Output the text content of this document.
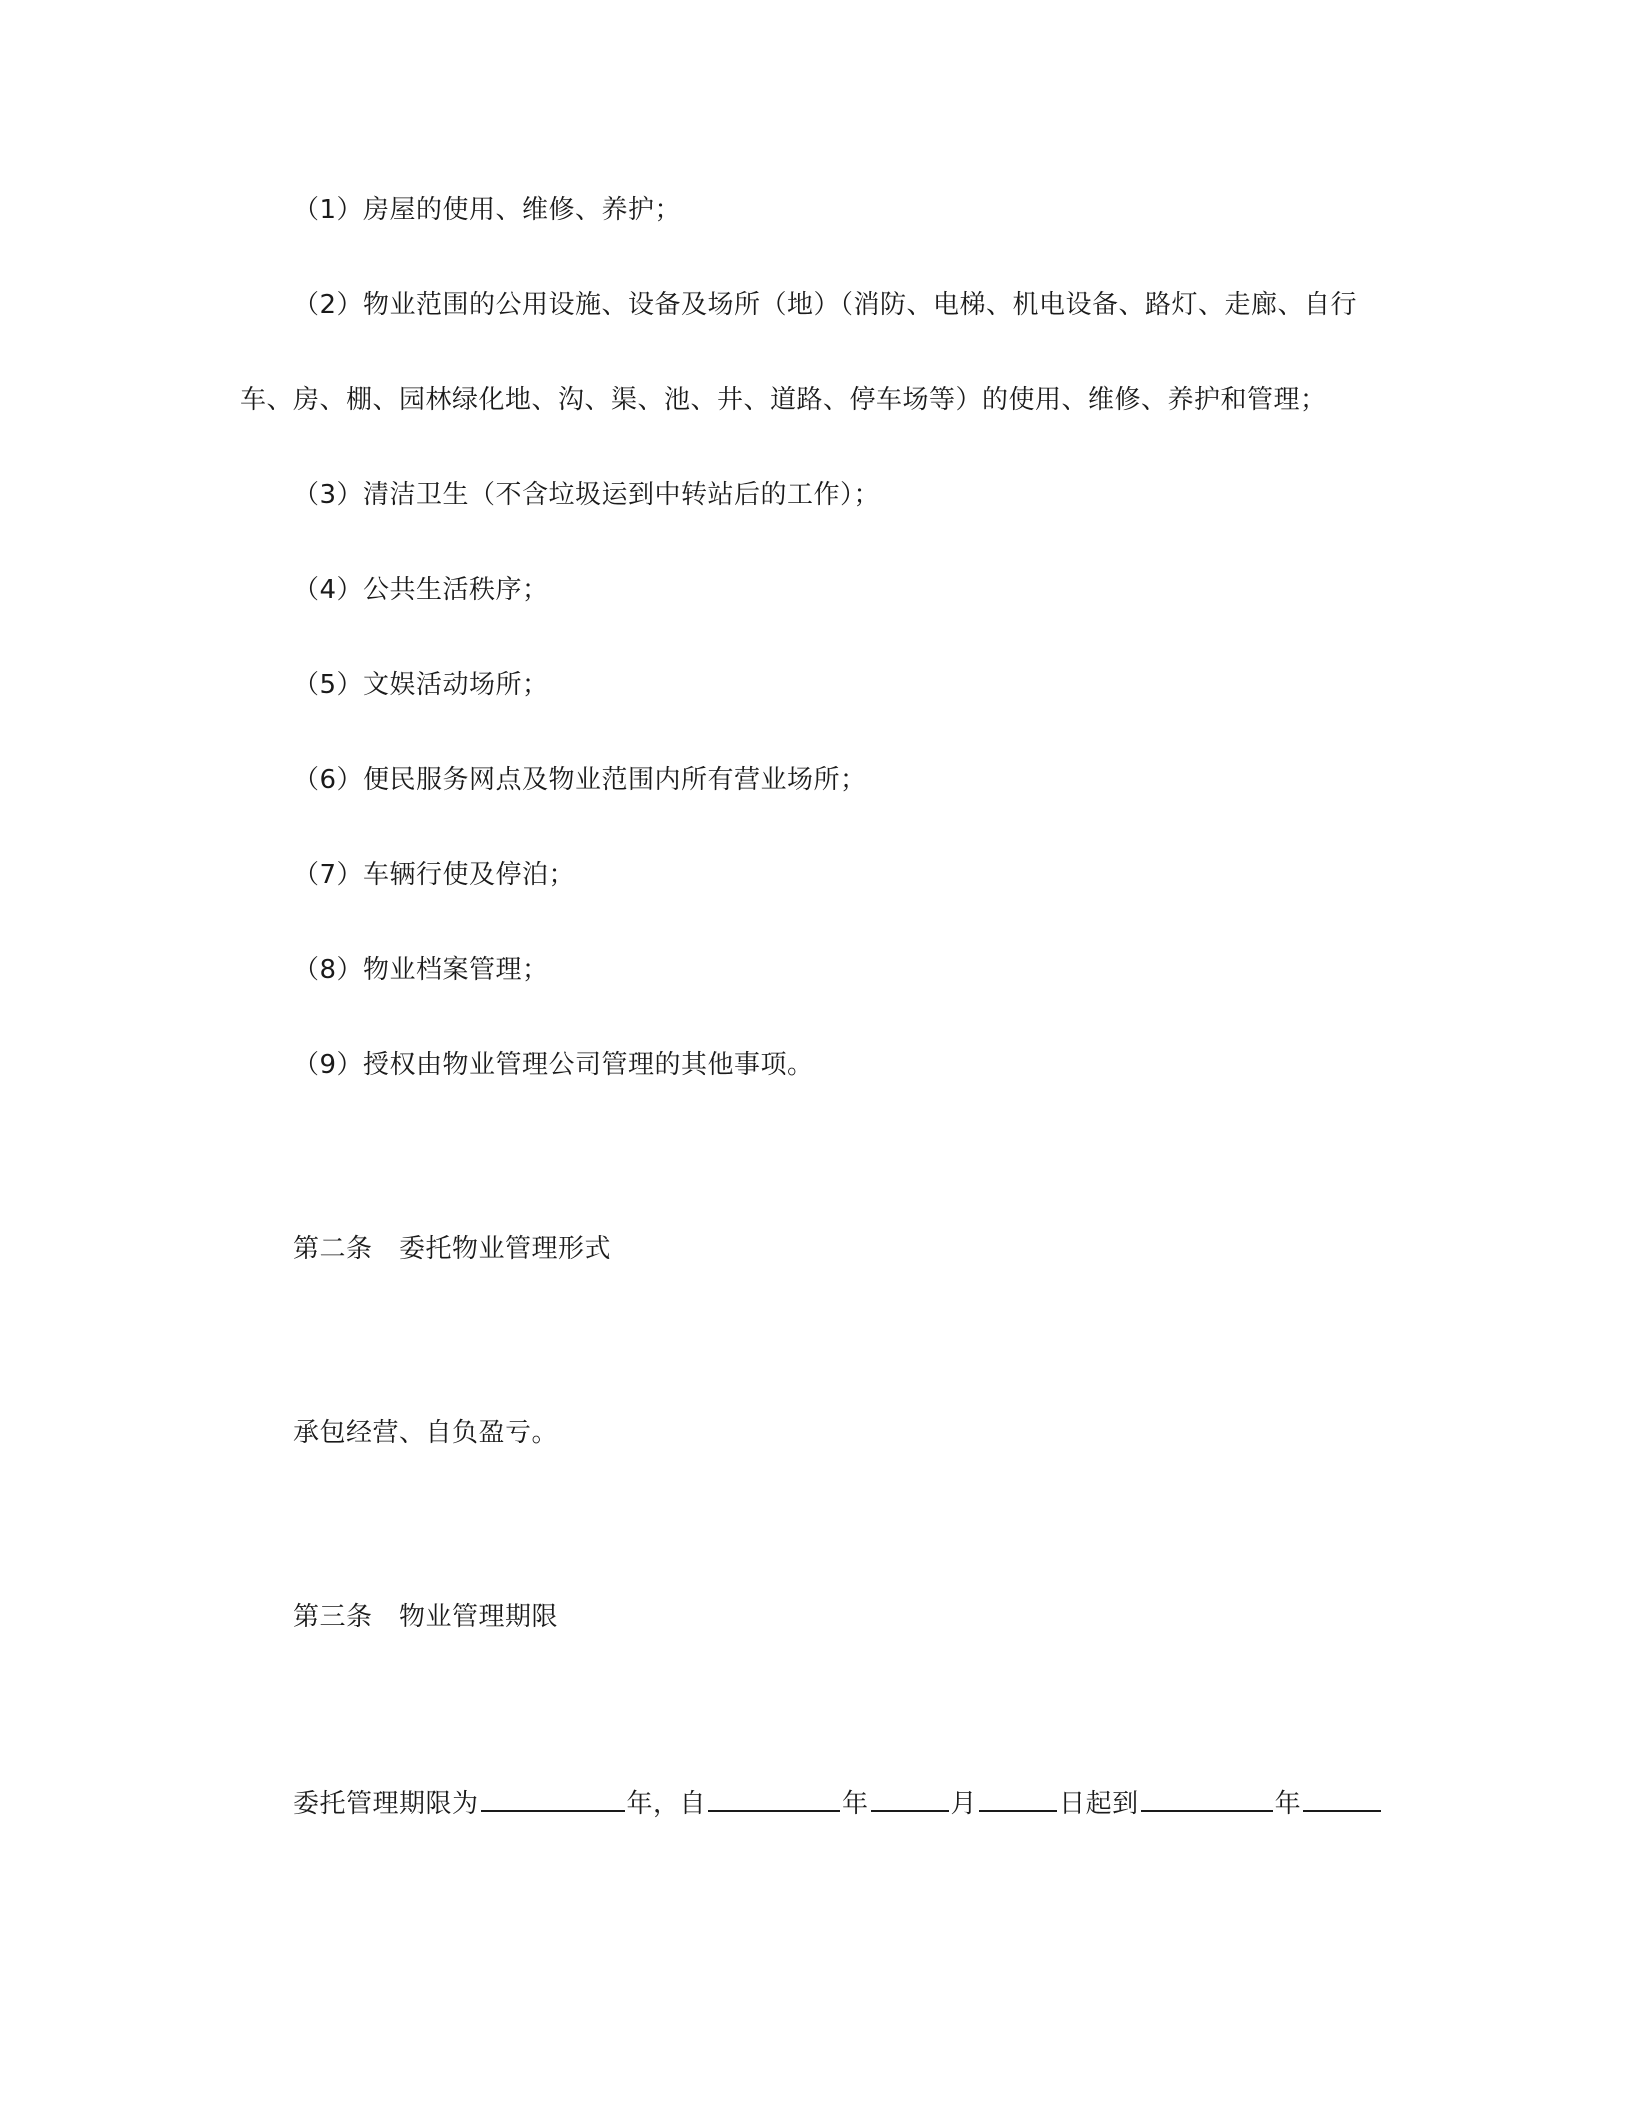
（1）房屋的使用、维修、养护；
（2）物业范围的公用设施、设备及场所（地）（消防、电梯、机电设备、路灯、走廊、自行
车、房、棚、园林绿化地、沟、渠、池、井、道路、停车场等）的使用、维修、养护和管理；
（3）清洁卫生（不含垃圾运到中转站后的工作）；
（4）公共生活秩序；
（5）文娱活动场所；
（6）便民服务网点及物业范围内所有营业场所；
（7）车辆行使及停泊；
（8）物业档案管理；
（9）授权由物业管理公司管理的其他事项。
第二条　委托物业管理形式
承包经营、自负盈亏。
第三条　物业管理期限
委托管理期限为	年，自	年	月	日起到	年
